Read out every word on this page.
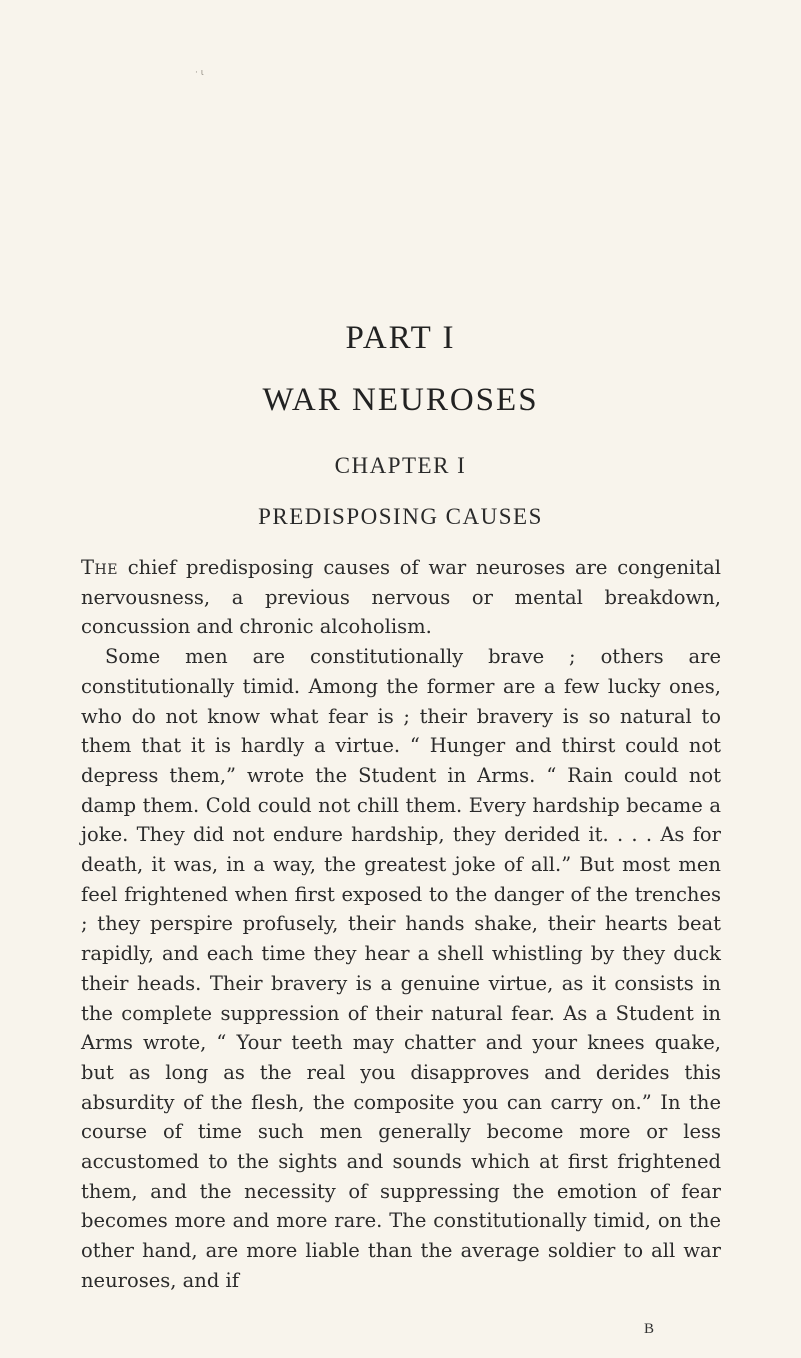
· ι
PART I
WAR NEUROSES
CHAPTER I
PREDISPOSING CAUSES

The chief predisposing causes of war neuroses are congenital nervousness, a previous nervous or mental breakdown, concussion and chronic alcoholism.

Some men are constitutionally brave ; others are constitutionally timid. Among the former are a few lucky ones, who do not know what fear is ; their bravery is so natural to them that it is hardly a virtue. “ Hunger and thirst could not depress them,” wrote the Student in Arms. “ Rain could not damp them. Cold could not chill them. Every hardship became a joke. They did not endure hardship, they derided it. . . . As for death, it was, in a way, the greatest joke of all.” But most men feel frightened when first exposed to the danger of the trenches ; they perspire profusely, their hands shake, their hearts beat rapidly, and each time they hear a shell whistling by they duck their heads. Their bravery is a genuine virtue, as it consists in the complete suppression of their natural fear. As a Student in Arms wrote, “ Your teeth may chatter and your knees quake, but as long as the real you disapproves and derides this absurdity of the flesh, the composite you can carry on.” In the course of time such men generally become more or less accustomed to the sights and sounds which at first frightened them, and the necessity of suppressing the emotion of fear becomes more and more rare. The constitutionally timid, on the other hand, are more liable than the average soldier to all war neuroses, and if

B
